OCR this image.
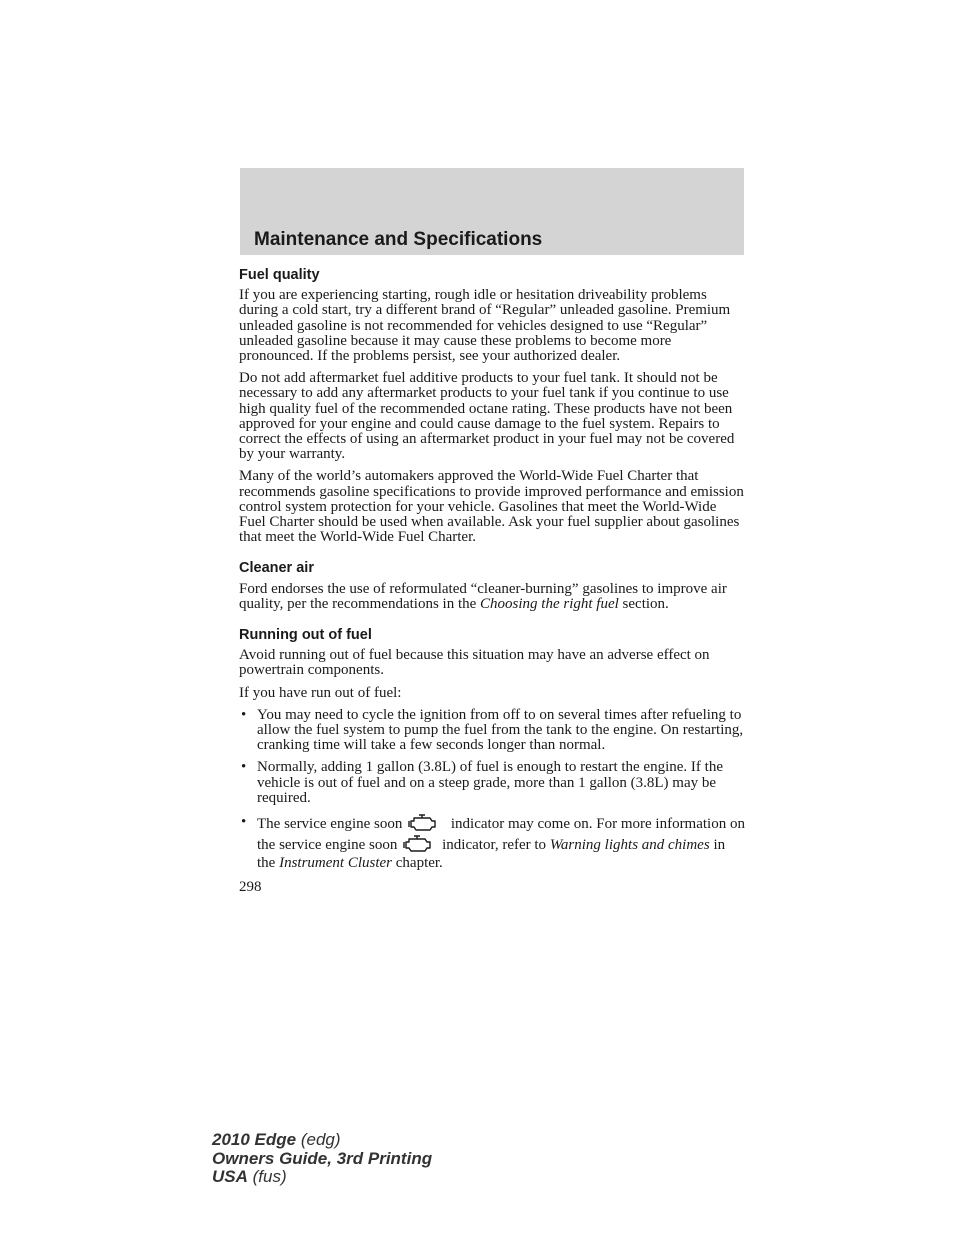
Maintenance and Specifications
Fuel quality

If you are experiencing starting, rough idle or hesitation driveability problems during a cold start, try a different brand of “Regular” unleaded gasoline. Premium unleaded gasoline is not recommended for vehicles designed to use “Regular” unleaded gasoline because it may cause these problems to become more pronounced. If the problems persist, see your authorized dealer.

Do not add aftermarket fuel additive products to your fuel tank. It should not be necessary to add any aftermarket products to your fuel tank if you continue to use high quality fuel of the recommended octane rating. These products have not been approved for your engine and could cause damage to the fuel system. Repairs to correct the effects of using an aftermarket product in your fuel may not be covered by your warranty.

Many of the world’s automakers approved the World-Wide Fuel Charter that recommends gasoline specifications to provide improved performance and emission control system protection for your vehicle. Gasolines that meet the World-Wide Fuel Charter should be used when available. Ask your fuel supplier about gasolines that meet the World-Wide Fuel Charter.

Cleaner air

Ford endorses the use of reformulated “cleaner-burning” gasolines to improve air quality, per the recommendations in the Choosing the right fuel section.

Running out of fuel

Avoid running out of fuel because this situation may have an adverse effect on powertrain components.

If you have run out of fuel:

• You may need to cycle the ignition from off to on several times after refueling to allow the fuel system to pump the fuel from the tank to the engine. On restarting, cranking time will take a few seconds longer than normal.
• Normally, adding 1 gallon (3.8L) of fuel is enough to restart the engine. If the vehicle is out of fuel and on a steep grade, more than 1 gallon (3.8L) may be required.
• The service engine soon	indicator may come on. For more information on the service engine soon	indicator, refer to Warning lights and chimes in the Instrument Cluster chapter.
298
2010 Edge (edg)
Owners Guide, 3rd Printing
USA (fus)
